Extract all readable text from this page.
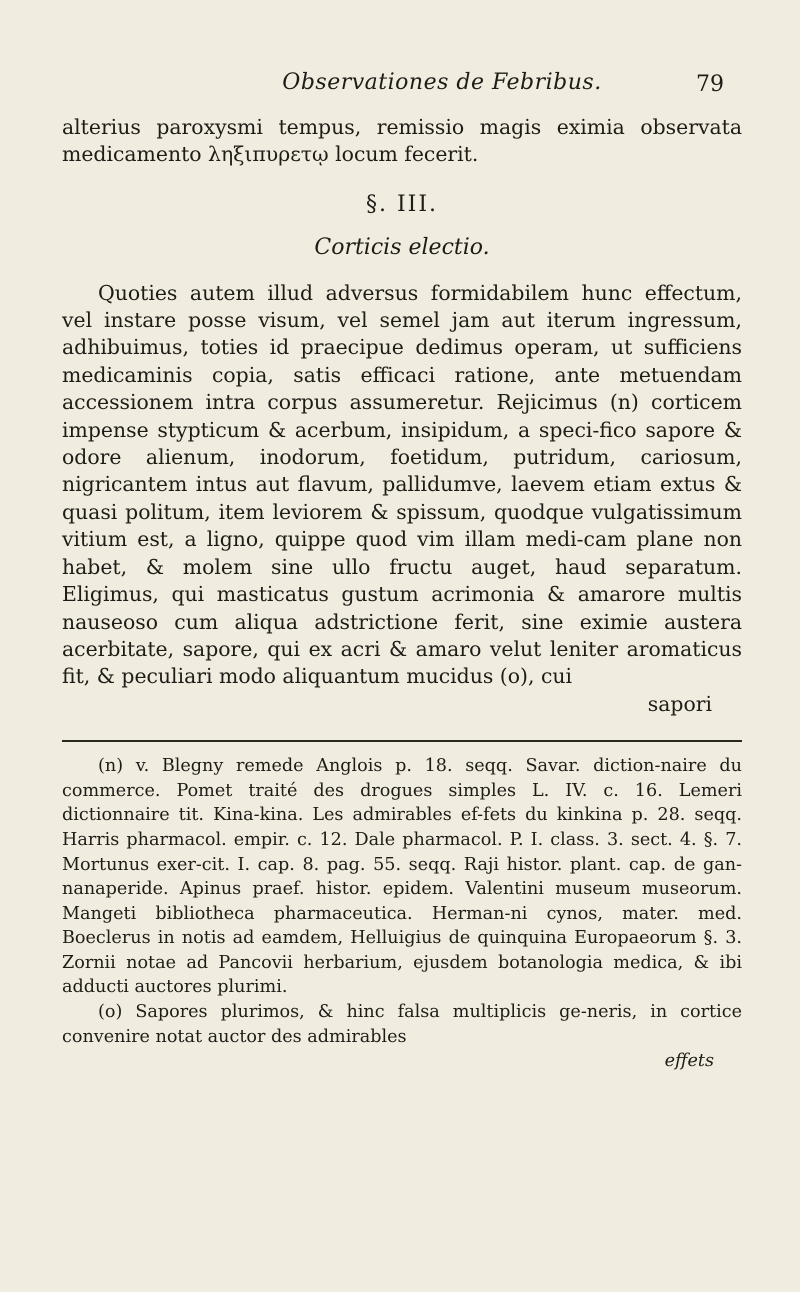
Observationes de Febribus.	79

alterius paroxysmi tempus, remissio magis eximia observata medicamento ληξιπυρετῳ locum fecerit.

§. III.
Corticis electio.

Quoties autem illud adversus formidabilem hunc effectum, vel instare posse visum, vel semel jam aut iterum ingressum, adhibuimus, toties id praecipue dedimus operam, ut sufficiens medicaminis copia, satis efficaci ratione, ante metuendam accessionem intra corpus assumeretur. Rejicimus (n) corticem impense stypticum & acerbum, insipidum, a speci-fico sapore & odore alienum, inodorum, foetidum, putridum, cariosum, nigricantem intus aut flavum, pallidumve, laevem etiam extus & quasi politum, item leviorem & spissum, quodque vulgatissimum vitium est, a ligno, quippe quod vim illam medi-cam plane non habet, & molem sine ullo fructu auget, haud separatum. Eligimus, qui masticatus gustum acrimonia & amarore multis nauseoso cum aliqua adstrictione ferit, sine eximie austera acerbitate, sapore, qui ex acri & amaro velut leniter aromaticus fit, & peculiari modo aliquantum mucidus (o), cui

sapori

(n) v. Blegny remede Anglois p. 18. seqq. Savar. diction-naire du commerce. Pomet traité des drogues simples L. IV. c. 16. Lemeri dictionnaire tit. Kina-kina. Les admirables ef-fets du kinkina p. 28. seqq. Harris pharmacol. empir. c. 12. Dale pharmacol. P. I. class. 3. sect. 4. §. 7. Mortunus exer-cit. I. cap. 8. pag. 55. seqq. Raji histor. plant. cap. de gan-nanaperide. Apinus praef. histor. epidem. Valentini museum museorum. Mangeti bibliotheca pharmaceutica. Herman-ni cynos, mater. med. Boeclerus in notis ad eamdem, Helluigius de quinquina Europaeorum §. 3. Zornii notae ad Pancovii herbarium, ejusdem botanologia medica, & ibi adducti auctores plurimi.

(o) Sapores plurimos, & hinc falsa multiplicis ge-neris, in cortice convenire notat auctor des admirables

effets
